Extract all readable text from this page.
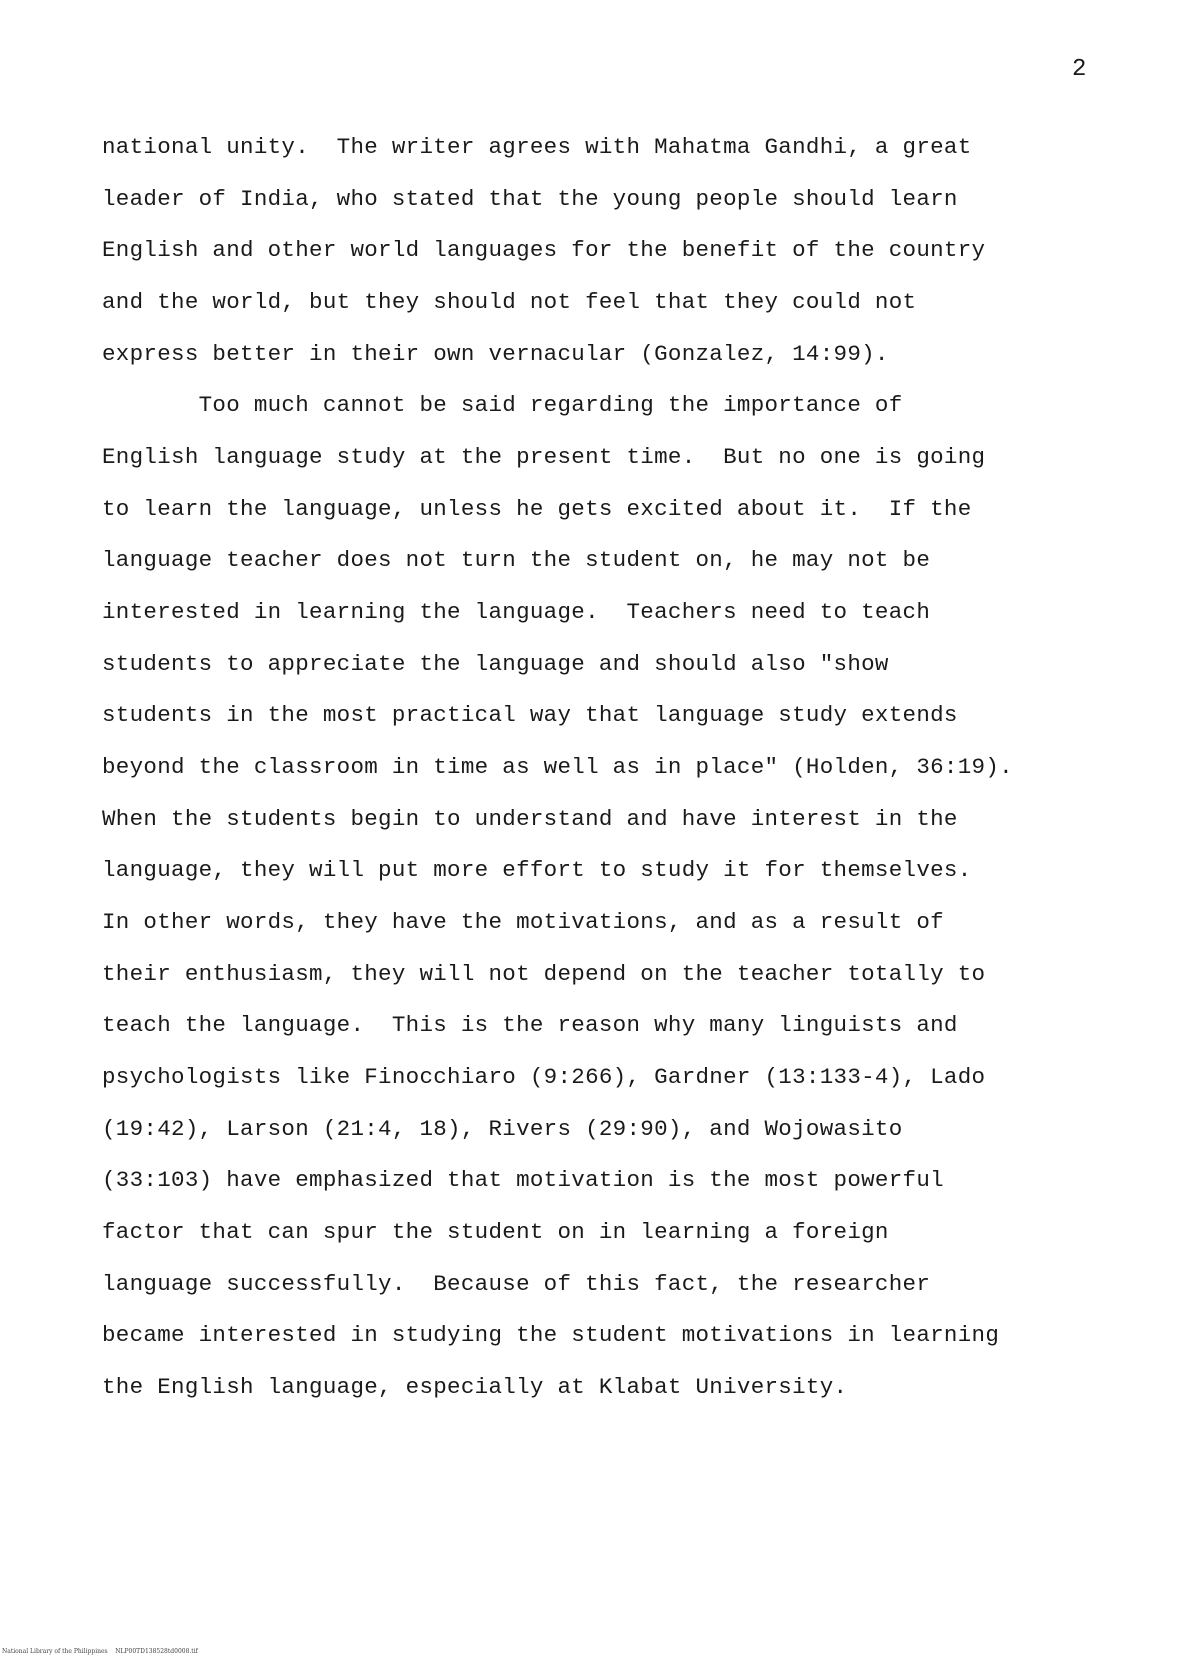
2
national unity.  The writer agrees with Mahatma Gandhi, a great
leader of India, who stated that the young people should learn
English and other world languages for the benefit of the country
and the world, but they should not feel that they could not
express better in their own vernacular (Gonzalez, 14:99).
Too much cannot be said regarding the importance of
English language study at the present time.  But no one is going
to learn the language, unless he gets excited about it.  If the
language teacher does not turn the student on, he may not be
interested in learning the language.  Teachers need to teach
students to appreciate the language and should also "show
students in the most practical way that language study extends
beyond the classroom in time as well as in place" (Holden, 36:19).
When the students begin to understand and have interest in the
language, they will put more effort to study it for themselves.
In other words, they have the motivations, and as a result of
their enthusiasm, they will not depend on the teacher totally to
teach the language.  This is the reason why many linguists and
psychologists like Finocchiaro (9:266), Gardner (13:133-4), Lado
(19:42), Larson (21:4, 18), Rivers (29:90), and Wojowasito
(33:103) have emphasized that motivation is the most powerful
factor that can spur the student on in learning a foreign
language successfully.  Because of this fact, the researcher
became interested in studying the student motivations in learning
the English language, especially at Klabat University.
National Library of the Philippines    NLP00TD138528td0008.tif
